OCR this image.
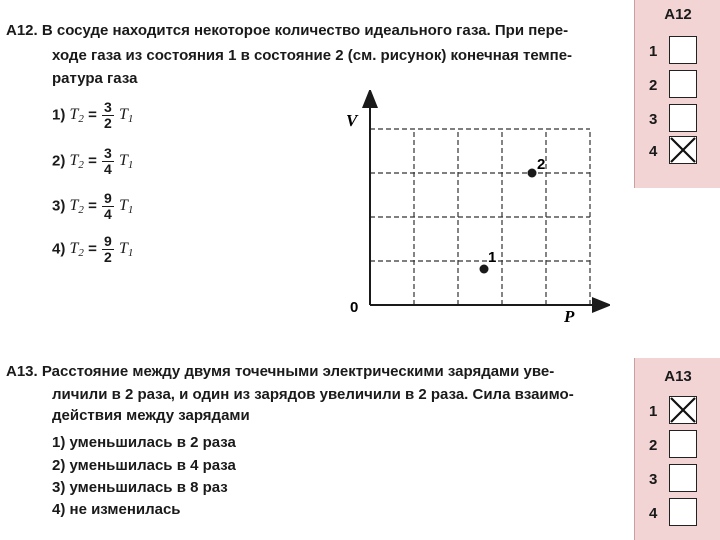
А12. В сосуде находится некоторое количество идеального газа. При пере-
ходе газа из состояния 1 в состояние 2 (см. рисунок) конечная темпе-
ратура газа
1) $T_2 = \frac{3}{2} T_1$
2) $T_2 = \frac{3}{4} T_1$
3) $T_2 = \frac{9}{4} T_1$
4) $T_2 = \frac{9}{2} T_1$
V
P
0
1
2
А12
1
2
3
4
А13. Расстояние между двумя точечными электрическими зарядами уве-
личили в 2 раза, и один из зарядов увеличили в 2 раза. Сила взаимо-
действия между зарядами
1) уменьшилась в 2 раза
2) уменьшилась в 4 раза
3) уменьшилась в 8 раз
4) не изменилась
А13
1
2
3
4
